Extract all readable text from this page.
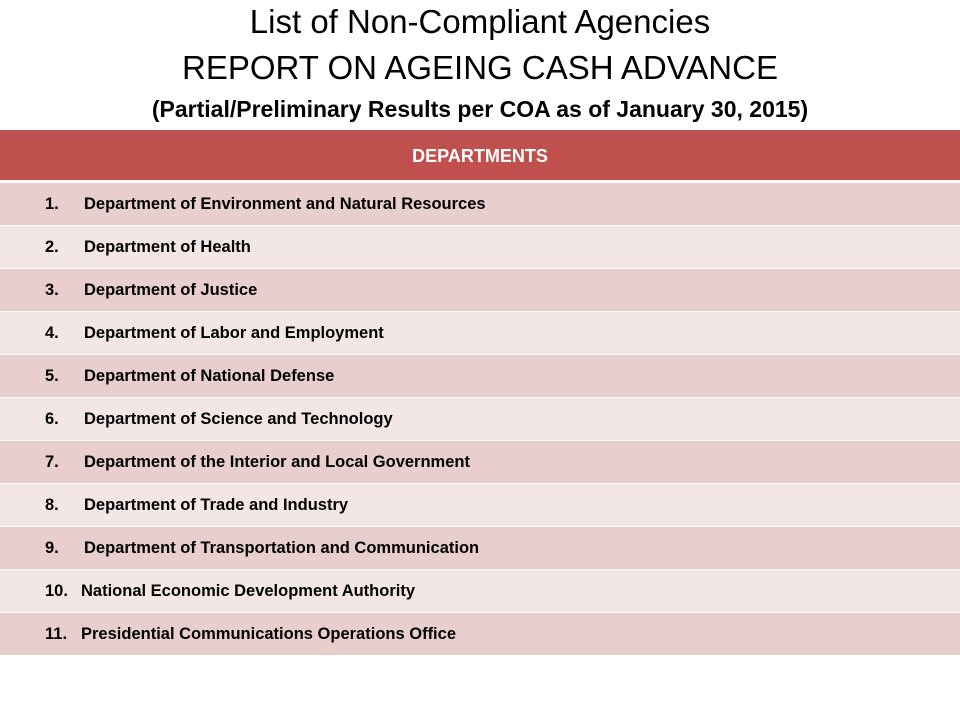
List of Non-Compliant Agencies
REPORT ON AGEING CASH ADVANCE
(Partial/Preliminary Results per COA as of January 30, 2015)
DEPARTMENTS
1. Department of Environment and Natural Resources
2. Department of Health
3. Department of Justice
4. Department of Labor and Employment
5. Department of National Defense
6. Department of Science and Technology
7. Department of the Interior and Local Government
8. Department of Trade and Industry
9. Department of Transportation and Communication
10. National Economic Development Authority
11. Presidential Communications Operations Office
